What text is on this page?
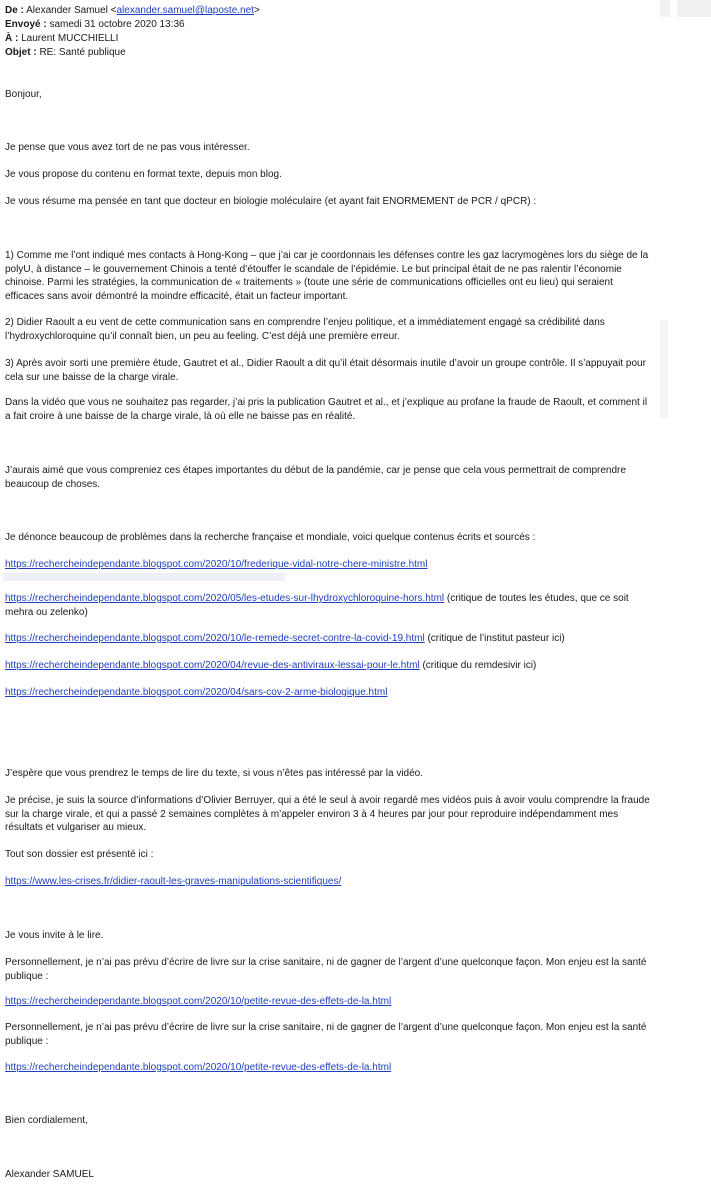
De : Alexander Samuel <alexander.samuel@laposte.net>
Envoyé : samedi 31 octobre 2020 13:36
À : Laurent MUCCHIELLI
Objet : RE: Santé publique

Bonjour,

Je pense que vous avez tort de ne pas vous intéresser.

Je vous propose du contenu en format texte, depuis mon blog.

Je vous résume ma pensée en tant que docteur en biologie moléculaire (et ayant fait ENORMEMENT de PCR / qPCR) :

1) Comme me l’ont indiqué mes contacts à Hong-Kong – que j’ai car je coordonnais les défenses contre les gaz lacrymogènes lors du siège de la polyU, à distance – le gouvernement Chinois a tenté d’étouffer le scandale de l’épidémie. Le but principal était de ne pas ralentir l’économie chinoise. Parmi les stratégies, la communication de « traitements » (toute une série de communications officielles ont eu lieu) qui seraient efficaces sans avoir démontré la moindre efficacité, était un facteur important.

2) Didier Raoult a eu vent de cette communication sans en comprendre l’enjeu politique, et a immédiatement engagé sa crédibilité dans l’hydroxychloroquine qu’il connaît bien, un peu au feeling. C’est déjà une première erreur.

3) Après avoir sorti une première étude, Gautret et al., Didier Raoult a dit qu’il était désormais inutile d’avoir un groupe contrôle. Il s’appuyait pour cela sur une baisse de la charge virale.

Dans la vidéo que vous ne souhaitez pas regarder, j’ai pris la publication Gautret et al., et j’explique au profane la fraude de Raoult, et comment il a fait croire à une baisse de la charge virale, là où elle ne baisse pas en réalité.

J’aurais aimé que vous compreniez ces étapes importantes du début de la pandémie, car je pense que cela vous permettrait de comprendre beaucoup de choses.

Je dénonce beaucoup de problèmes dans la recherche française et mondiale, voici quelque contenus écrits et sourcés :

https://rechercheindependante.blogspot.com/2020/10/frederique-vidal-notre-chere-ministre.html
https://rechercheindependante.blogspot.com/2020/05/les-etudes-sur-lhydroxychloroquine-hors.html (critique de toutes les études, que ce soit mehra ou zelenko)
https://rechercheindependante.blogspot.com/2020/10/le-remede-secret-contre-la-covid-19.html (critique de l’institut pasteur ici)
https://rechercheindependante.blogspot.com/2020/04/revue-des-antiviraux-lessai-pour-le.html (critique du remdesivir ici)
https://rechercheindependante.blogspot.com/2020/04/sars-cov-2-arme-biologique.html

J’espère que vous prendrez le temps de lire du texte, si vous n’êtes pas intéressé par la vidéo.

Je précise, je suis la source d’informations d’Olivier Berruyer, qui a été le seul à avoir regardé mes vidéos puis à avoir voulu comprendre la fraude sur la charge virale, et qui a passé 2 semaines complètes à m’appeler environ 3 à 4 heures par jour pour reproduire indépendamment mes résultats et vulgariser au mieux.

Tout son dossier est présenté ici :

https://www.les-crises.fr/didier-raoult-les-graves-manipulations-scientifiques/

Je vous invite à le lire.

Personnellement, je n’ai pas prévu d’écrire de livre sur la crise sanitaire, ni de gagner de l’argent d’une quelconque façon. Mon enjeu est la santé publique :

https://rechercheindependante.blogspot.com/2020/10/petite-revue-des-effets-de-la.html

Personnellement, je n’ai pas prévu d’écrire de livre sur la crise sanitaire, ni de gagner de l’argent d’une quelconque façon. Mon enjeu est la santé publique :

https://rechercheindependante.blogspot.com/2020/10/petite-revue-des-effets-de-la.html

Bien cordialement,

Alexander SAMUEL
